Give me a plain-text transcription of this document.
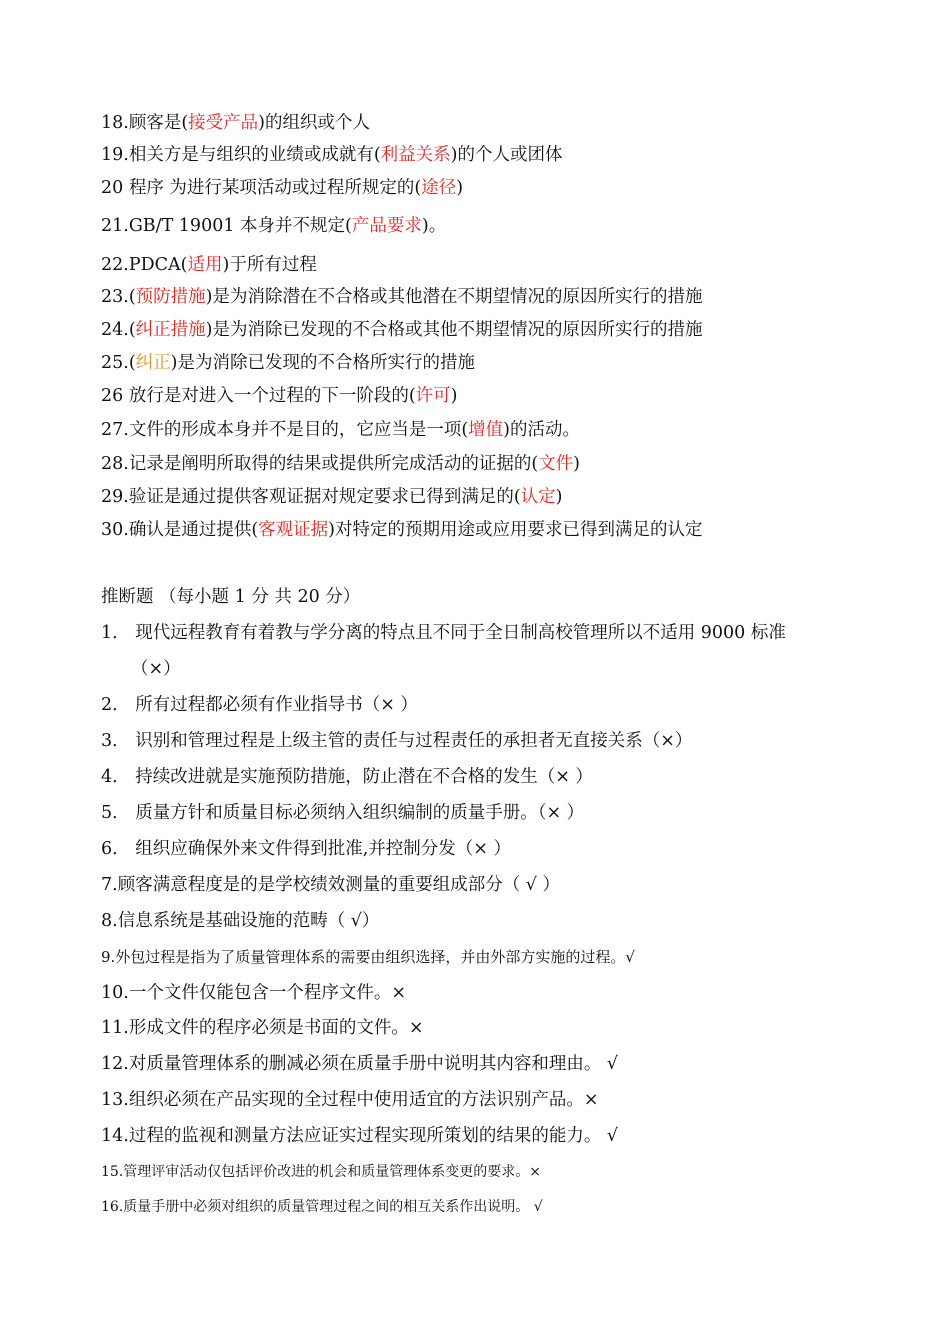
18.顾客是(接受产品)的组织或个人
19.相关方是与组织的业绩或成就有(利益关系)的个人或团体
20 程序 为进行某项活动或过程所规定的(途径)
21.GB/T 19001 本身并不规定(产品要求)。
22.PDCA(适用)于所有过程
23.(预防措施)是为消除潜在不合格或其他潜在不期望情况的原因所实行的措施
24.(纠正措施)是为消除已发现的不合格或其他不期望情况的原因所实行的措施
25.(纠正)是为消除已发现的不合格所实行的措施
26 放行是对进入一个过程的下一阶段的(许可)
27.文件的形成本身并不是目的，它应当是一项(增值)的活动。
28.记录是阐明所取得的结果或提供所完成活动的证据的(文件)
29.验证是通过提供客观证据对规定要求已得到满足的(认定)
30.确认是通过提供(客观证据)对特定的预期用途或应用要求已得到满足的认定
推断题 （每小题 1 分 共 20 分）
1． 现代远程教育有着教与学分离的特点且不同于全日制高校管理所以不适用 9000 标准
（×）
2． 所有过程都必须有作业指导书（× ）
3． 识别和管理过程是上级主管的责任与过程责任的承担者无直接关系（×）
4． 持续改进就是实施预防措施，防止潜在不合格的发生（× ）
5． 质量方针和质量目标必须纳入组织编制的质量手册。（× ）
6． 组织应确保外来文件得到批准,并控制分发（× ）
7.顾客满意程度是的是学校绩效测量的重要组成部分（ √ ）
8.信息系统是基础设施的范畴（ √）
9.外包过程是指为了质量管理体系的需要由组织选择，并由外部方实施的过程。√
10.一个文件仅能包含一个程序文件。×
11.形成文件的程序必须是书面的文件。×
12.对质量管理体系的删减必须在质量手册中说明其内容和理由。 √
13.组织必须在产品实现的全过程中使用适宜的方法识别产品。×
14.过程的监视和测量方法应证实过程实现所策划的结果的能力。 √
15.管理评审活动仅包括评价改进的机会和质量管理体系变更的要求。×
16.质量手册中必须对组织的质量管理过程之间的相互关系作出说明。 √
